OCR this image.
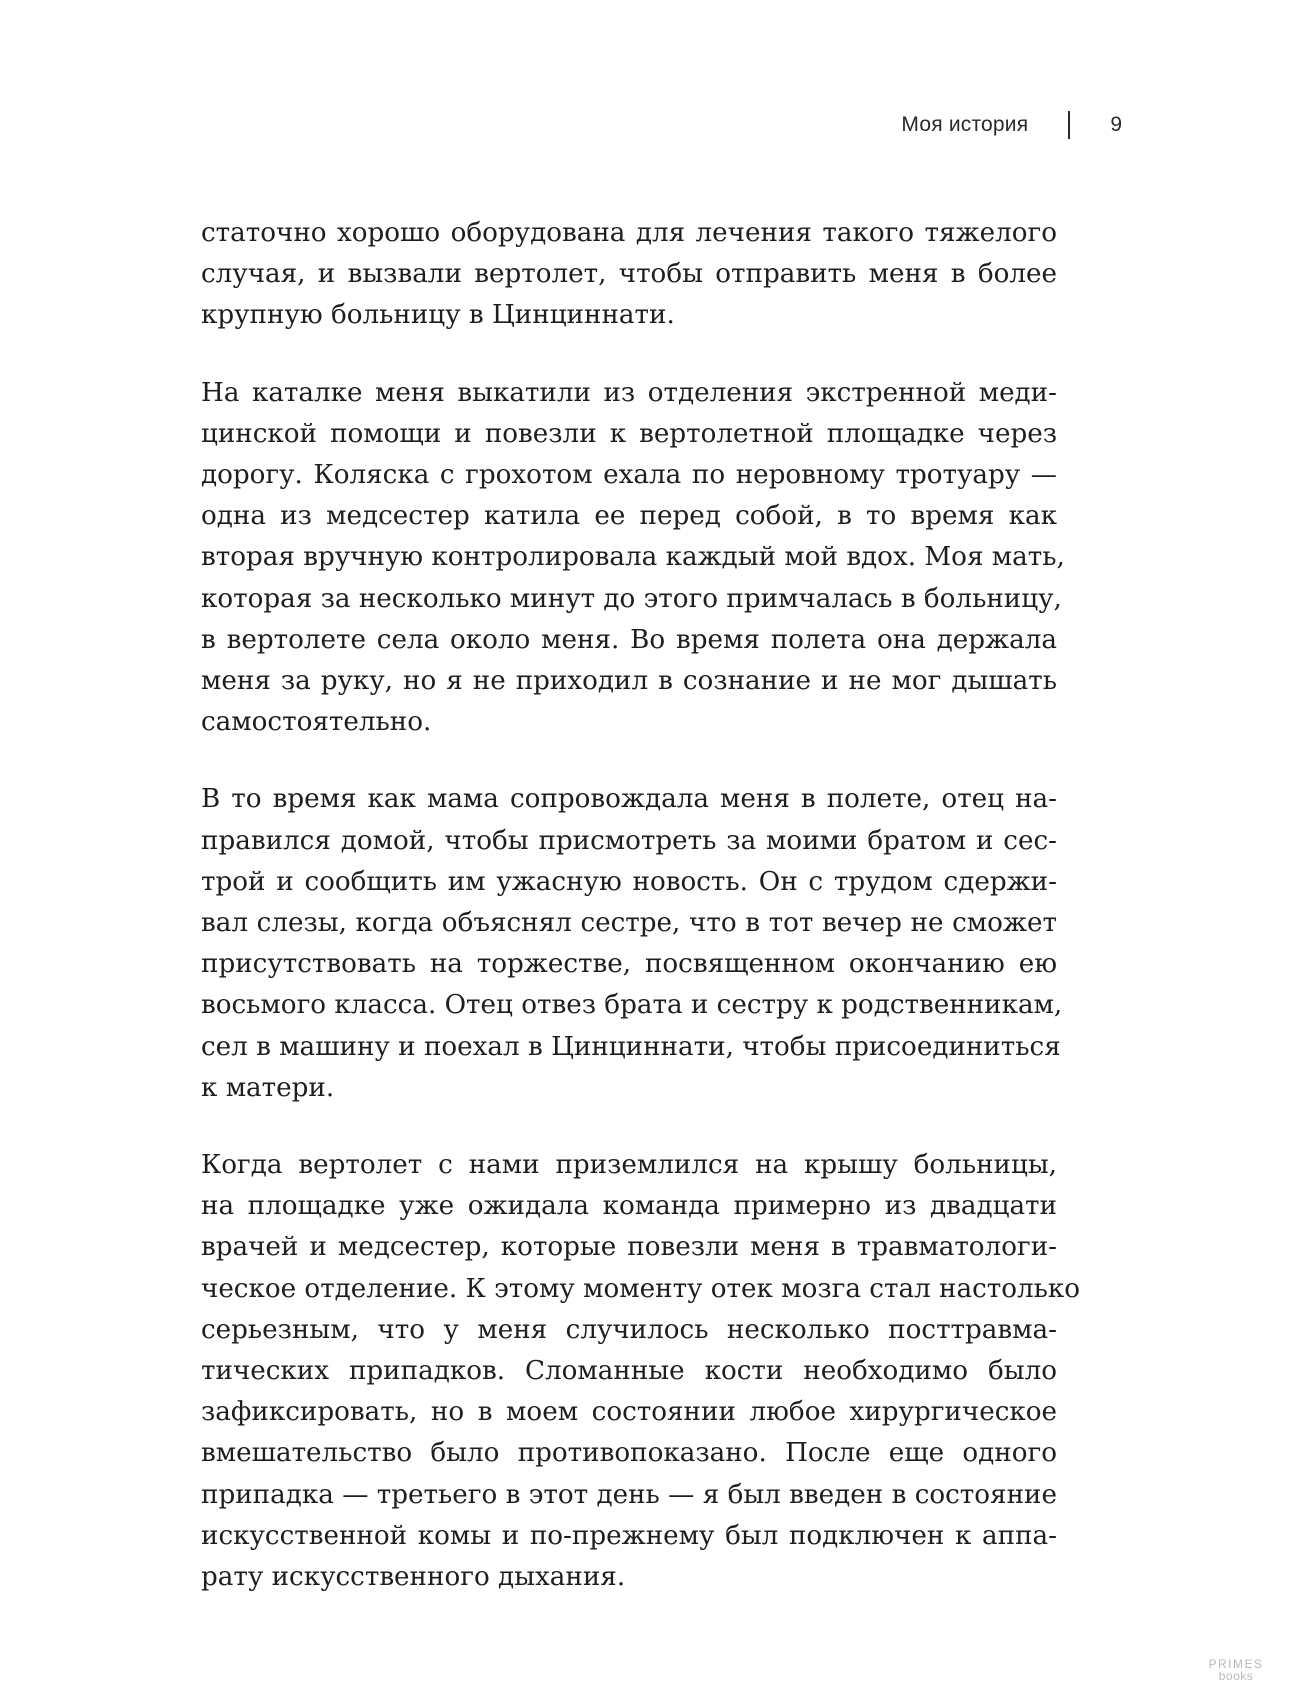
Моя история	9

статочно хорошо оборудована для лечения такого тяжелого
случая, и вызвали вертолет, чтобы отправить меня в более
крупную больницу в Цинциннати.

На каталке меня выкатили из отделения экстренной меди-
цинской помощи и повезли к вертолетной площадке через
дорогу. Коляска с грохотом ехала по неровному тротуару —
одна из медсестер катила ее перед собой, в то время как
вторая вручную контролировала каждый мой вдох. Моя мать,
которая за несколько минут до этого примчалась в больницу,
в вертолете села около меня. Во время полета она держала
меня за руку, но я не приходил в сознание и не мог дышать
самостоятельно.

В то время как мама сопровождала меня в полете, отец на-
правился домой, чтобы присмотреть за моими братом и сес-
трой и сообщить им ужасную новость. Он с трудом сдержи-
вал слезы, когда объяснял сестре, что в тот вечер не сможет
присутствовать на торжестве, посвященном окончанию ею
восьмого класса. Отец отвез брата и сестру к родственникам,
сел в машину и поехал в Цинциннати, чтобы присоединиться
к матери.

Когда вертолет с нами приземлился на крышу больницы,
на площадке уже ожидала команда примерно из двадцати
врачей и медсестер, которые повезли меня в травматологи-
ческое отделение. К этому моменту отек мозга стал настолько
серьезным, что у меня случилось несколько посттравма-
тических припадков. Сломанные кости необходимо было
зафиксировать, но в моем состоянии любое хирургическое
вмешательство было противопоказано. После еще одного
припадка — третьего в этот день — я был введен в состояние
искусственной комы и по-прежнему был подключен к аппа-
рату искусственного дыхания.

PRIMES
books
